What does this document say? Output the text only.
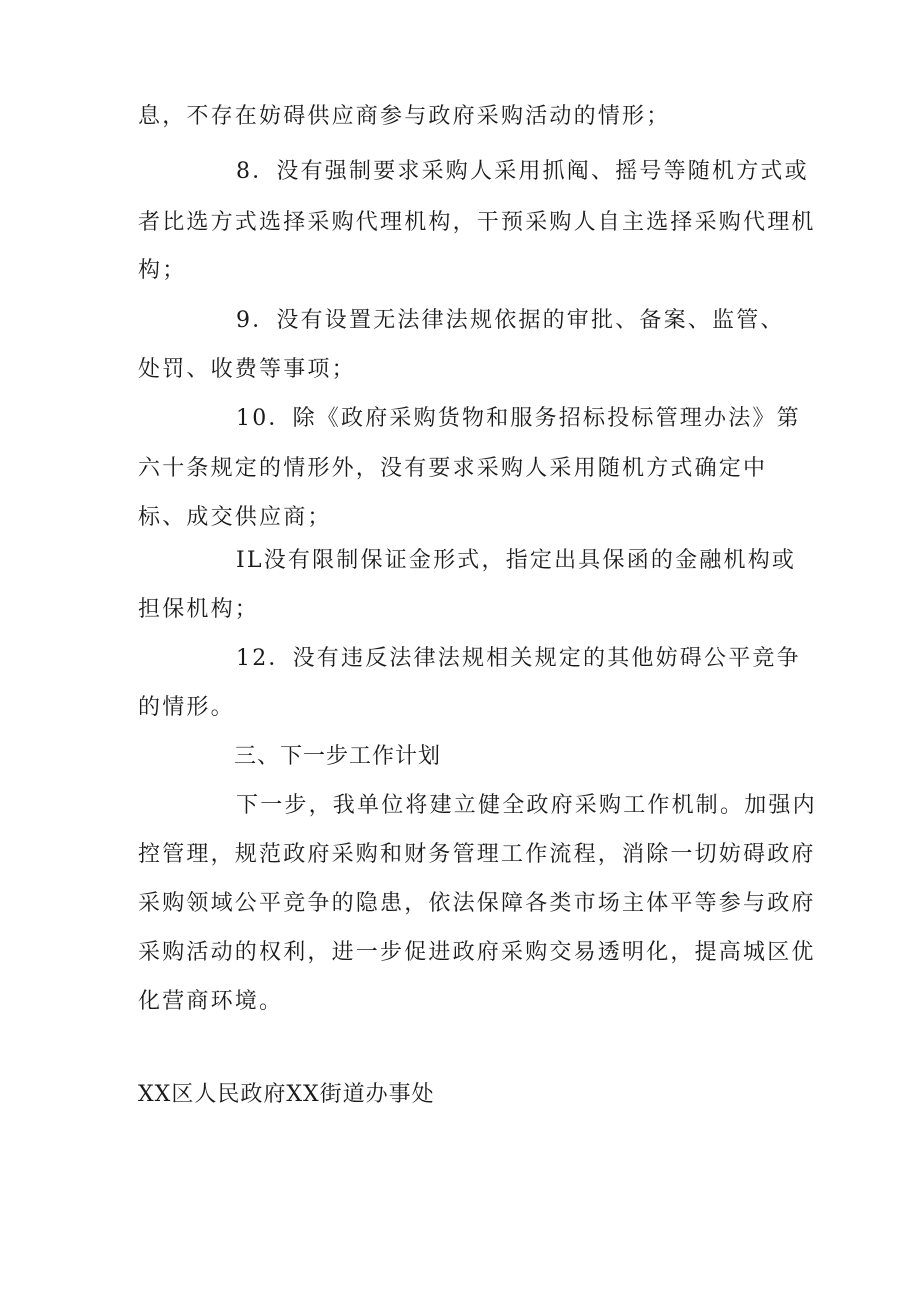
息，不存在妨碍供应商参与政府采购活动的情形；
8．没有强制要求采购人采用抓阄、摇号等随机方式或
者比选方式选择采购代理机构，干预采购人自主选择采购代理机
构；
9．没有设置无法律法规依据的审批、备案、监管、
处罚、收费等事项；
10．除《政府采购货物和服务招标投标管理办法》第
六十条规定的情形外，没有要求采购人采用随机方式确定中
标、成交供应商；
IL没有限制保证金形式，指定出具保函的金融机构或
担保机构；
12．没有违反法律法规相关规定的其他妨碍公平竞争
的情形。
三、下一步工作计划
下一步，我单位将建立健全政府采购工作机制。加强内
控管理，规范政府采购和财务管理工作流程，消除一切妨碍政府
采购领域公平竞争的隐患，依法保障各类市场主体平等参与政府
采购活动的权利，进一步促进政府采购交易透明化，提高城区优
化营商环境。
XX区人民政府XX街道办事处
